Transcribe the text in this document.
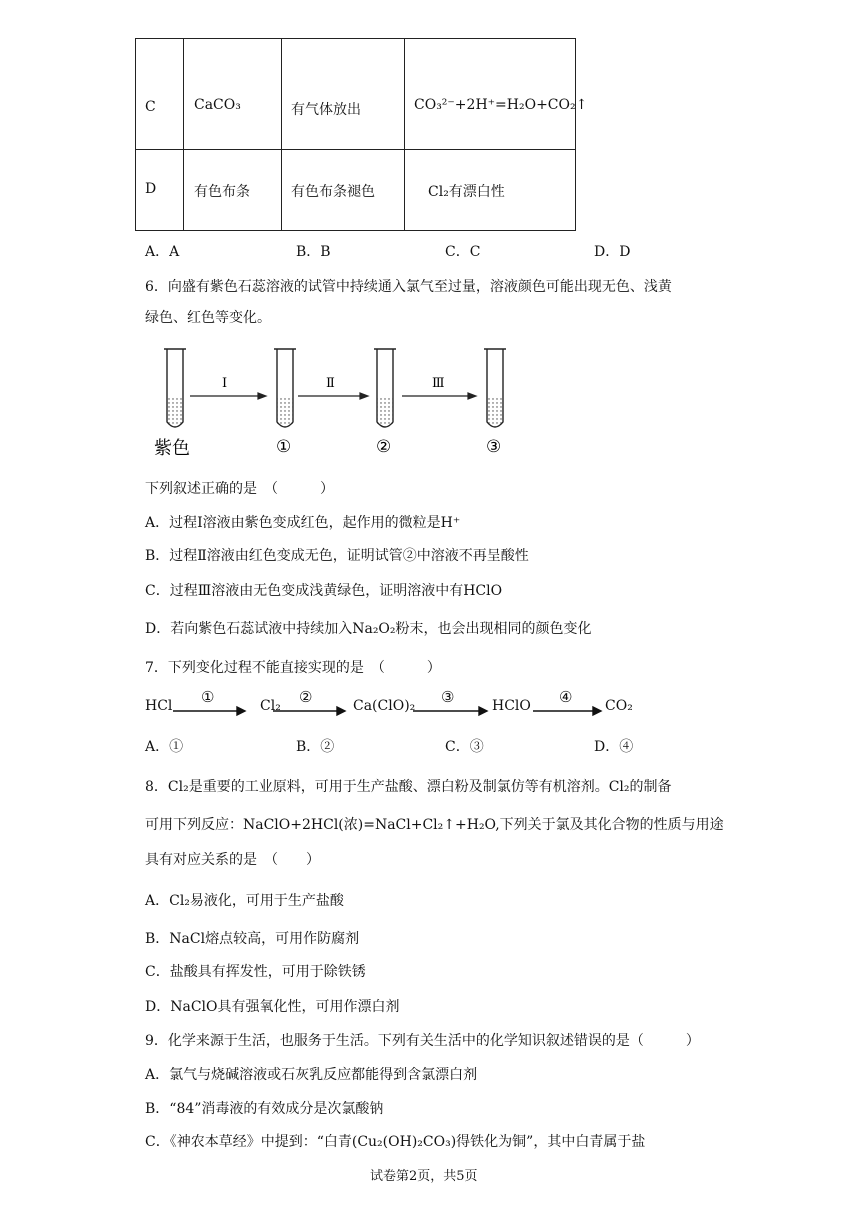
C	CaCO₃	有气体放出	CO₃²⁻+2H⁺=H₂O+CO₂↑
D	有色布条	有色布条褪色	Cl₂有漂白性
A．A	B．B	C．C	D．D
6．向盛有紫色石蕊溶液的试管中持续通入氯气至过量，溶液颜色可能出现无色、浅黄
绿色、红色等变化。
Ⅰ	Ⅱ	Ⅲ
紫色	①	②	③
下列叙述正确的是　（　　　）
A．过程Ⅰ溶液由紫色变成红色，起作用的微粒是H⁺
B．过程Ⅱ溶液由红色变成无色，证明试管②中溶液不再呈酸性
C．过程Ⅲ溶液由无色变成浅黄绿色，证明溶液中有HClO
D．若向紫色石蕊试液中持续加入Na₂O₂粉末，也会出现相同的颜色变化
7．下列变化过程不能直接实现的是　（　　　）
HCl	Cl₂	Ca(ClO)₂	HClO	CO₂
①	②	③	④
A．①	B．②	C．③	D．④
8．Cl₂是重要的工业原料，可用于生产盐酸、漂白粉及制氯仿等有机溶剂。Cl₂的制备
可用下列反应：NaClO+2HCl(浓)=NaCl+Cl₂↑+H₂O,下列关于氯及其化合物的性质与用途
具有对应关系的是　（　　）
A．Cl₂易液化，可用于生产盐酸
B．NaCl熔点较高，可用作防腐剂
C．盐酸具有挥发性，可用于除铁锈
D．NaClO具有强氧化性，可用作漂白剂
9．化学来源于生活，也服务于生活。下列有关生活中的化学知识叙述错误的是（　　　）
A．氯气与烧碱溶液或石灰乳反应都能得到含氯漂白剂
B．“84”消毒液的有效成分是次氯酸钠
C．《神农本草经》中提到：“白青(Cu₂(OH)₂CO₃)得铁化为铜”，其中白青属于盐
试卷第2页，共5页
